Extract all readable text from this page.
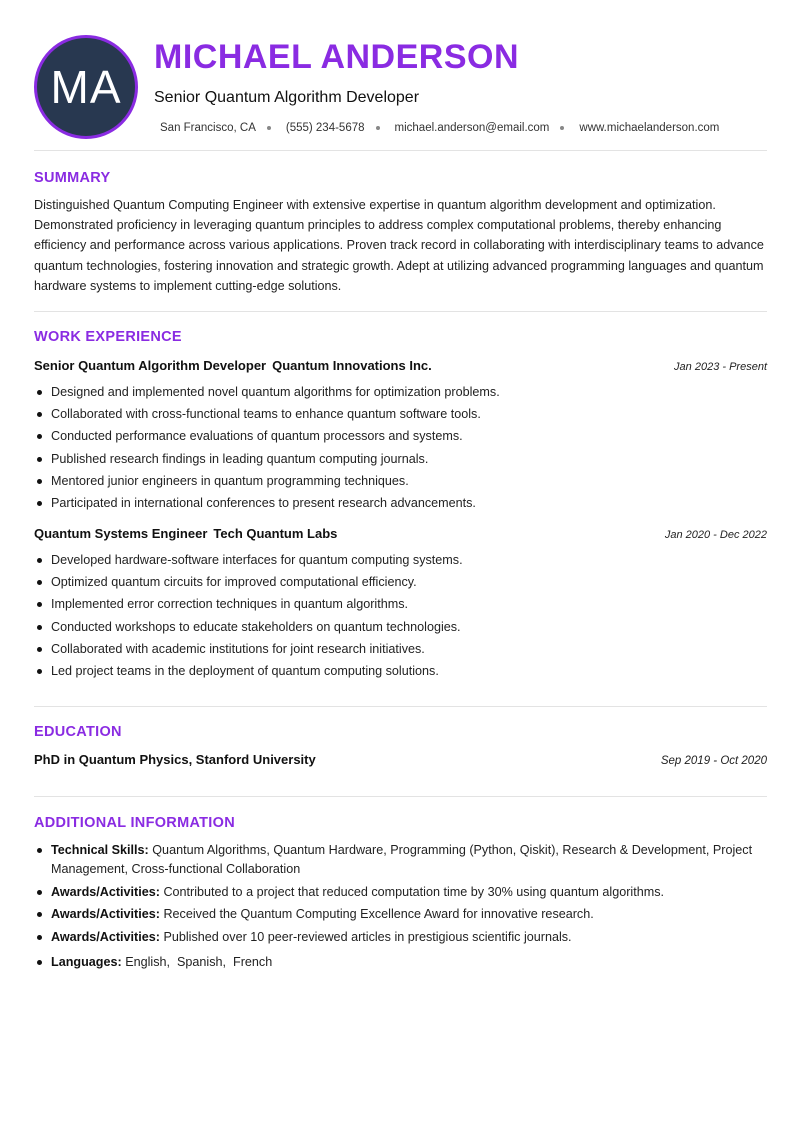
MA
MICHAEL ANDERSON
Senior Quantum Algorithm Developer
San Francisco, CA	(555) 234-5678	michael.anderson@email.com	www.michaelanderson.com
SUMMARY

Distinguished Quantum Computing Engineer with extensive expertise in quantum algorithm development and optimization. Demonstrated proficiency in leveraging quantum principles to address complex computational problems, thereby enhancing efficiency and performance across various applications. Proven track record in collaborating with interdisciplinary teams to advance quantum technologies, fostering innovation and strategic growth. Adept at utilizing advanced programming languages and quantum hardware systems to implement cutting-edge solutions.

WORK EXPERIENCE
Senior Quantum Algorithm Developer Quantum Innovations Inc.	Jan 2023 - Present
Designed and implemented novel quantum algorithms for optimization problems.
Collaborated with cross-functional teams to enhance quantum software tools.
Conducted performance evaluations of quantum processors and systems.
Published research findings in leading quantum computing journals.
Mentored junior engineers in quantum programming techniques.
Participated in international conferences to present research advancements.
Quantum Systems Engineer Tech Quantum Labs	Jan 2020 - Dec 2022
Developed hardware-software interfaces for quantum computing systems.
Optimized quantum circuits for improved computational efficiency.
Implemented error correction techniques in quantum algorithms.
Conducted workshops to educate stakeholders on quantum technologies.
Collaborated with academic institutions for joint research initiatives.
Led project teams in the deployment of quantum computing solutions.
EDUCATION
PhD in Quantum Physics, Stanford University	Sep 2019 - Oct 2020
ADDITIONAL INFORMATION
Technical Skills: Quantum Algorithms, Quantum Hardware, Programming (Python, Qiskit), Research & Development, Project Management, Cross-functional Collaboration
Awards/Activities: Contributed to a project that reduced computation time by 30% using quantum algorithms.
Awards/Activities: Received the Quantum Computing Excellence Award for innovative research.
Awards/Activities: Published over 10 peer-reviewed articles in prestigious scientific journals.
Languages: English,  Spanish,  French
